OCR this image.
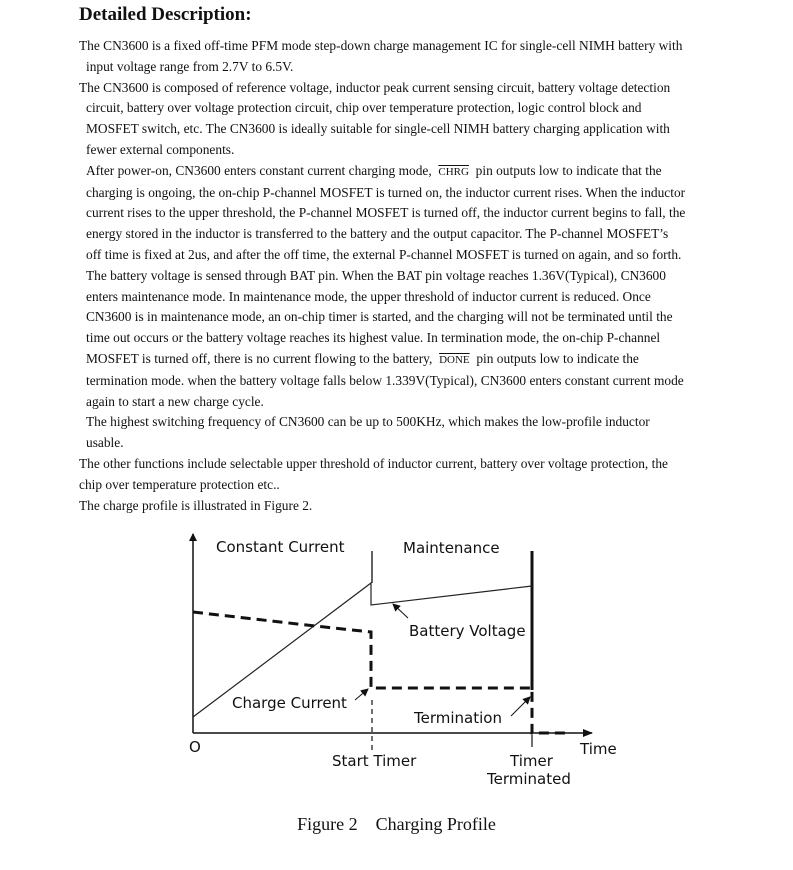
Detailed Description:

The CN3600 is a fixed off-time PFM mode step-down charge management IC for single-cell NIMH battery with
input voltage range from 2.7V to 6.5V.

The CN3600 is composed of reference voltage, inductor peak current sensing circuit, battery voltage detection
circuit, battery over voltage protection circuit, chip over temperature protection, logic control block and
MOSFET switch, etc. The CN3600 is ideally suitable for single-cell NIMH battery charging application with
fewer external components.

After power-on, CN3600 enters constant current charging mode, CHRG pin outputs low to indicate that the
charging is ongoing, the on-chip P-channel MOSFET is turned on, the inductor current rises. When the inductor
current rises to the upper threshold, the P-channel MOSFET is turned off, the inductor current begins to fall, the
energy stored in the inductor is transferred to the battery and the output capacitor. The P-channel MOSFET’s
off time is fixed at 2us, and after the off time, the external P-channel MOSFET is turned on again, and so forth.
The battery voltage is sensed through BAT pin. When the BAT pin voltage reaches 1.36V(Typical), CN3600
enters maintenance mode. In maintenance mode, the upper threshold of inductor current is reduced. Once
CN3600 is in maintenance mode, an on-chip timer is started, and the charging will not be terminated until the
time out occurs or the battery voltage reaches its highest value. In termination mode, the on-chip P-channel
MOSFET is turned off, there is no current flowing to the battery, DONE pin outputs low to indicate the
termination mode. when the battery voltage falls below 1.339V(Typical), CN3600 enters constant current mode
again to start a new charge cycle.

The highest switching frequency of CN3600 can be up to 500KHz, which makes the low-profile inductor
usable.

The other functions include selectable upper threshold of inductor current, battery over voltage protection, the
chip over temperature protection etc..

The charge profile is illustrated in Figure 2.

Constant Current	Maintenance
Battery Voltage
Charge Current
Termination
O	Time
Start Timer	Timer
Terminated
Figure 2 Charging Profile
